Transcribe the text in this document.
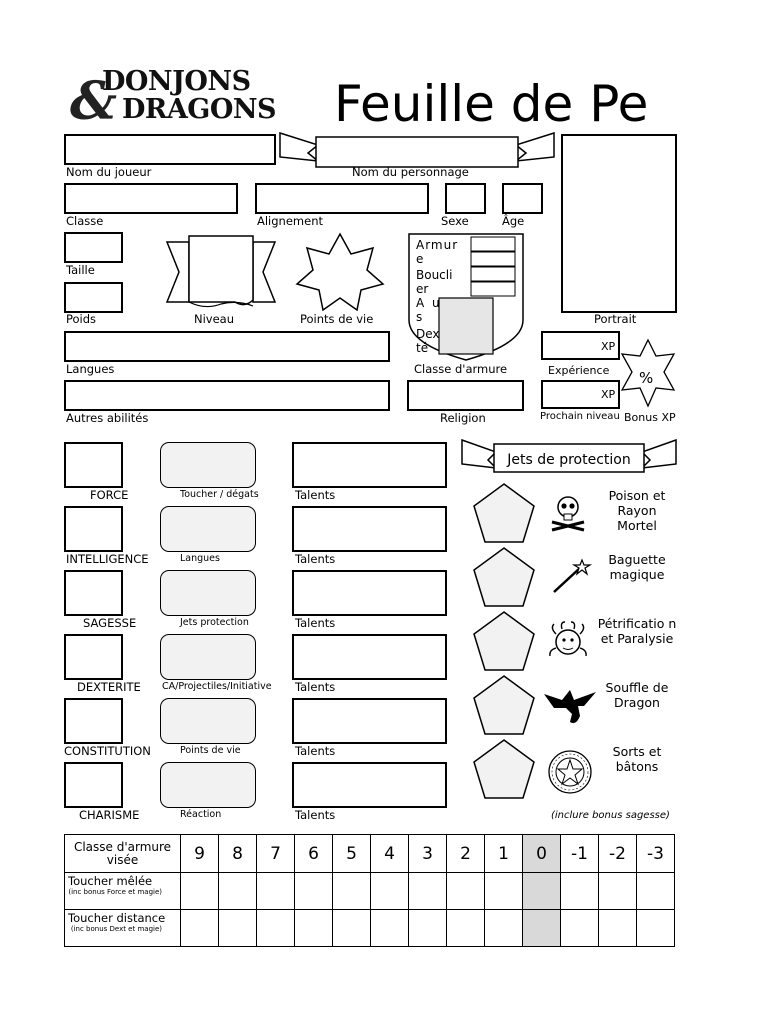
&
DONJONS
DRAGONS Feuille de Pe
Nom du joueur	Nom du personnage
Classe	Alignement	Sexe	Âge
Portrait
Taille
Poids	Niveau	Points de vie
Armur e
Boucli er
A u s
Dex
té
Langues	Classe d'armure
XP
Expérience %
Autres abilités	Religion
XP
Prochain niveau Bonus XP
FORCE	Toucher / dégats	Talents
INTELLIGENCE	Langues	Talents
SAGESSE	Jets protection	Talents
DEXTERITE CA/Projectiles/Initiative Talents
CONSTITUTION	Points de vie	Talents
CHARISME	Réaction	Talents
Jets de protection
Poison et Rayon Mortel
Baguette magique
Pétrificatio n et Paralysie
Souffle de Dragon
Sorts et bâtons
(inclure bonus sagesse)
Classe d'armure visée	9	8	7	6	5	4	3	2	1	0	-1	-2	-3

Toucher mêlée
(inc bonus Force et magie)													

Toucher distance
(inc bonus Dext et magie)													
